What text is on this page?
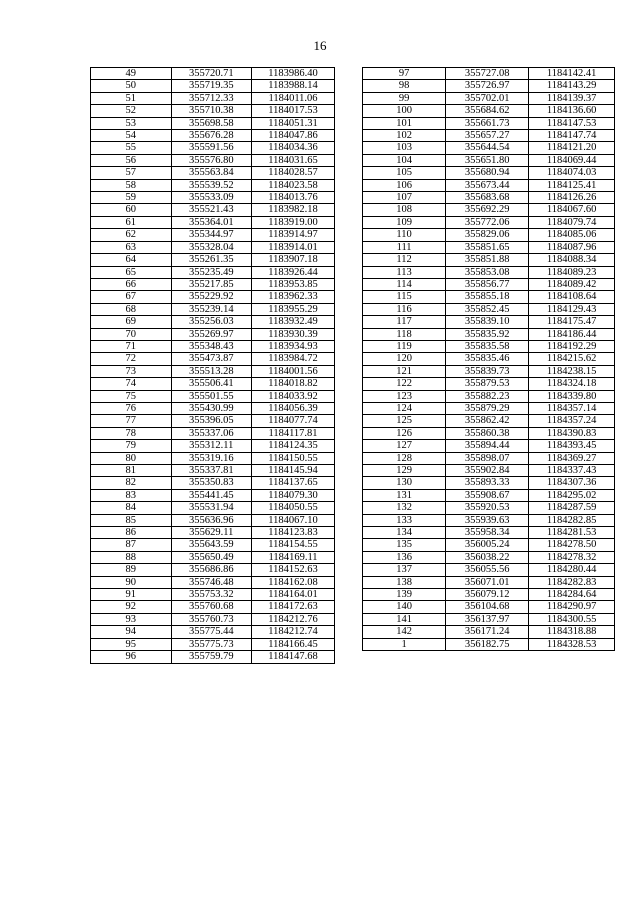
16
49	355720.71	1183986.40
50	355719.35	1183988.14
51	355712.33	1184011.06
52	355710.38	1184017.53
53	355698.58	1184051.31
54	355676.28	1184047.86
55	355591.56	1184034.36
56	355576.80	1184031.65
57	355563.84	1184028.57
58	355539.52	1184023.58
59	355533.09	1184013.76
60	355521.43	1183982.18
61	355364.01	1183919.00
62	355344.97	1183914.97
63	355328.04	1183914.01
64	355261.35	1183907.18
65	355235.49	1183926.44
66	355217.85	1183953.85
67	355229.92	1183962.33
68	355239.14	1183955.29
69	355256.03	1183932.49
70	355269.97	1183930.39
71	355348.43	1183934.93
72	355473.87	1183984.72
73	355513.28	1184001.56
74	355506.41	1184018.82
75	355501.55	1184033.92
76	355430.99	1184056.39
77	355396.05	1184077.74
78	355337.06	1184117.81
79	355312.11	1184124.35
80	355319.16	1184150.55
81	355337.81	1184145.94
82	355350.83	1184137.65
83	355441.45	1184079.30
84	355531.94	1184050.55
85	355636.96	1184067.10
86	355629.11	1184123.83
87	355643.59	1184154.55
88	355650.49	1184169.11
89	355686.86	1184152.63
90	355746.48	1184162.08
91	355753.32	1184164.01
92	355760.68	1184172.63
93	355760.73	1184212.76
94	355775.44	1184212.74
95	355775.73	1184166.45
96	355759.79	1184147.68
97	355727.08	1184142.41
98	355726.97	1184143.29
99	355702.01	1184139.37
100	355684.62	1184136.60
101	355661.73	1184147.53
102	355657.27	1184147.74
103	355644.54	1184121.20
104	355651.80	1184069.44
105	355680.94	1184074.03
106	355673.44	1184125.41
107	355683.68	1184126.26
108	355692.29	1184067.60
109	355772.06	1184079.74
110	355829.06	1184085.06
111	355851.65	1184087.96
112	355851.88	1184088.34
113	355853.08	1184089.23
114	355856.77	1184089.42
115	355855.18	1184108.64
116	355852.45	1184129.43
117	355839.10	1184175.47
118	355835.92	1184186.44
119	355835.58	1184192.29
120	355835.46	1184215.62
121	355839.73	1184238.15
122	355879.53	1184324.18
123	355882.23	1184339.80
124	355879.29	1184357.14
125	355862.42	1184357.24
126	355860.38	1184390.83
127	355894.44	1184393.45
128	355898.07	1184369.27
129	355902.84	1184337.43
130	355893.33	1184307.36
131	355908.67	1184295.02
132	355920.53	1184287.59
133	355939.63	1184282.85
134	355958.34	1184281.53
135	356005.24	1184278.50
136	356038.22	1184278.32
137	356055.56	1184280.44
138	356071.01	1184282.83
139	356079.12	1184284.64
140	356104.68	1184290.97
141	356137.97	1184300.55
142	356171.24	1184318.88
1	356182.75	1184328.53
